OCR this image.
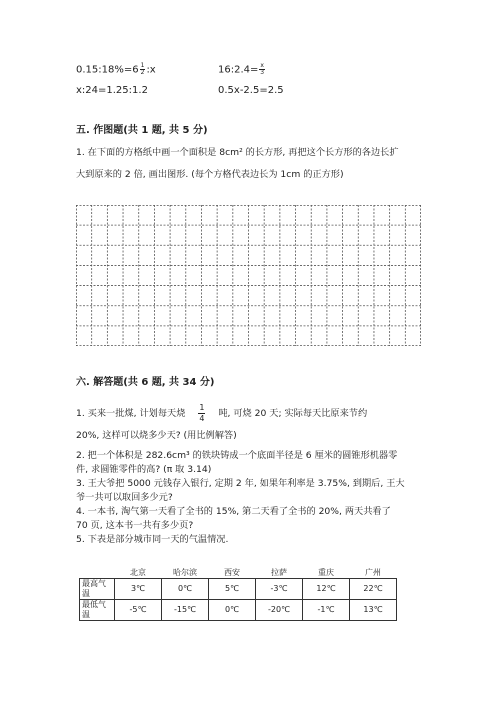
0.15:18%=6 $\frac{1}{2}$ :x	16:2.4= $\frac{x}{3}$
x:24=1.25:1.2	0.5x-2.5=2.5
五. 作图题(共 1 题, 共 5 分)
1. 在下面的方格纸中画一个面积是 8cm² 的长方形, 再把这个长方形的各边长扩
大到原来的 2 倍, 画出图形. (每个方格代表边长为 1cm 的正方形)
六. 解答题(共 6 题, 共 34 分)
1. 买来一批煤, 计划每天烧 $\frac{1}{4}$ 吨, 可烧 20 天; 实际每天比原来节约
20%, 这样可以烧多少天? (用比例解答)
2. 把一个体积是 282.6cm³ 的铁块铸成一个底面半径是 6 厘米的圆锥形机器零
件, 求圆锥零件的高? (π 取 3.14)
3. 王大爷把 5000 元钱存入银行, 定期 2 年, 如果年利率是 3.75%, 到期后, 王大
爷一共可以取回多少元?
4. 一本书, 淘气第一天看了全书的 15%, 第二天看了全书的 20%, 两天共看了
70 页, 这本书一共有多少页?
5. 下表是部分城市同一天的气温情况.
	北京	哈尔滨	西安	拉萨	重庆	广州
最高气温	3℃	0℃	5℃	-3℃	12℃	22℃
最低气温	-5℃	-15℃	0℃	-20℃	-1℃	13℃
